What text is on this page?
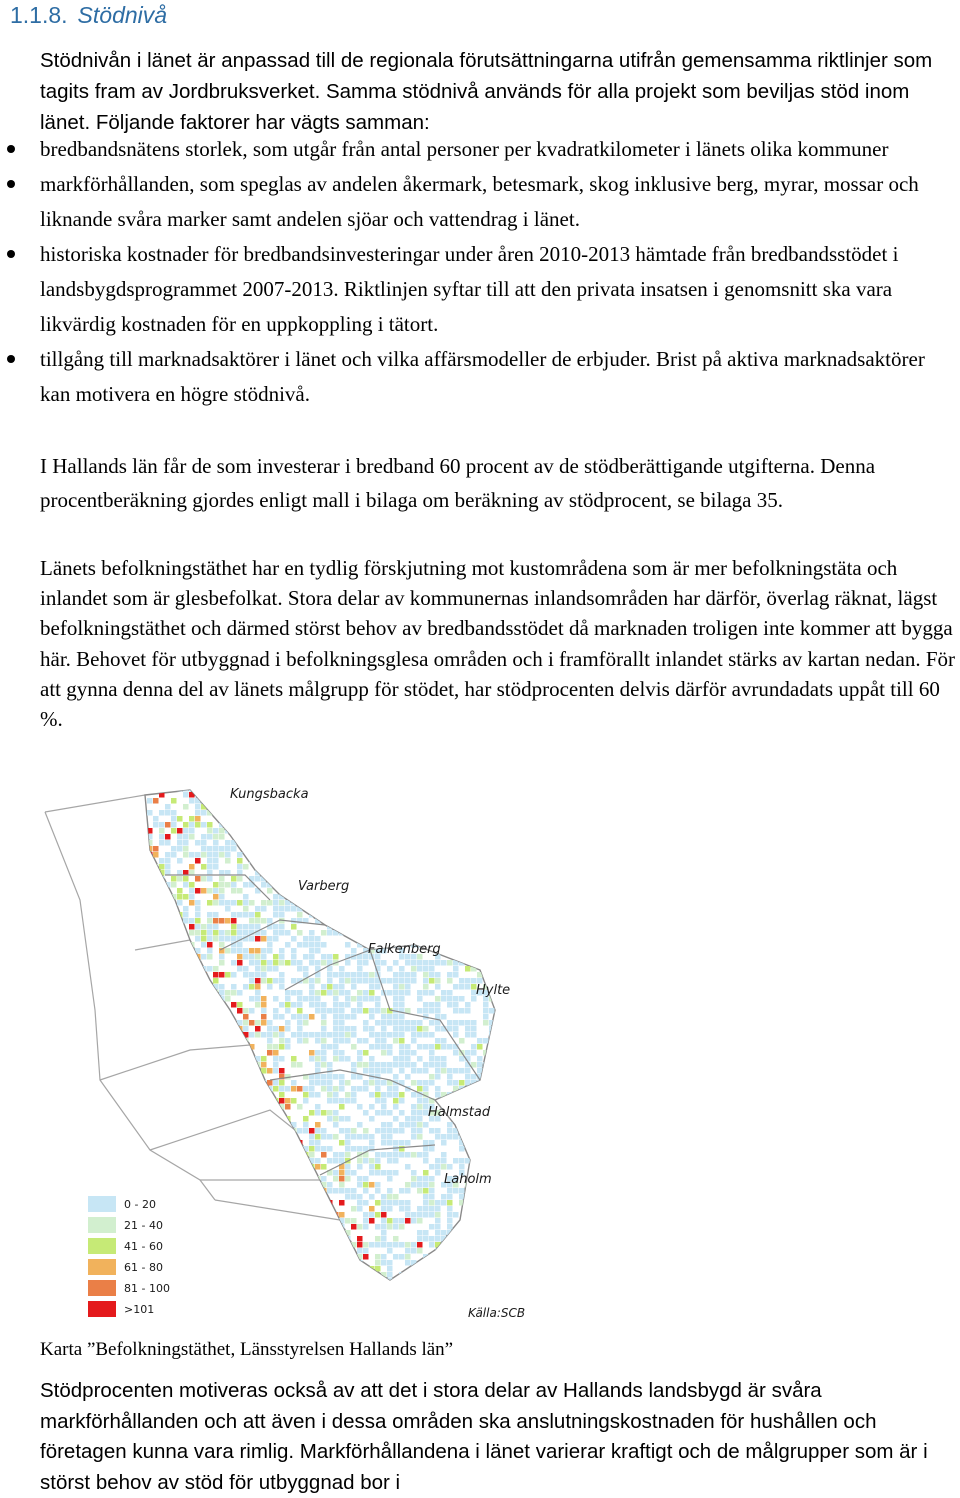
1.1.8. Stödnivå

Stödnivån i länet är anpassad till de regionala förutsättningarna utifrån gemensamma riktlinjer som tagits fram av Jordbruksverket. Samma stödnivå används för alla projekt som beviljas stöd inom länet. Följande faktorer har vägts samman:

bredbandsnätens storlek, som utgår från antal personer per kvadratkilometer i länets olika kommuner
markförhållanden, som speglas av andelen åkermark, betesmark, skog inklusive berg, myrar, mossar och liknande svåra marker samt andelen sjöar och vattendrag i länet.
historiska kostnader för bredbandsinvesteringar under åren 2010-2013 hämtade från bredbandsstödet i landsbygdsprogrammet 2007-2013. Riktlinjen syftar till att den privata insatsen i genomsnitt ska vara likvärdig kostnaden för en uppkoppling i tätort.
tillgång till marknadsaktörer i länet och vilka affärsmodeller de erbjuder. Brist på aktiva marknadsaktörer kan motivera en högre stödnivå.

I Hallands län får de som investerar i bredband 60 procent av de stödberättigande utgifterna. Denna procentberäkning gjordes enligt mall i bilaga om beräkning av stödprocent, se bilaga 35.

Länets befolkningstäthet har en tydlig förskjutning mot kustområdena som är mer befolkningstäta och inlandet som är glesbefolkat. Stora delar av kommunernas inlandsområden har därför, överlag räknat, lägst befolkningstäthet och därmed störst behov av bredbandsstödet då marknaden troligen inte kommer att bygga här. Behovet för utbyggnad i befolkningsglesa områden och i framförallt inlandet stärks av kartan nedan. För att gynna denna del av länets målgrupp för stödet, har stödprocenten delvis därför avrundadats uppåt till 60 %.

Kungsbacka
Varberg
Falkenberg
Hylte
Halmstad
Laholm
0 - 20
21 - 40
41 - 60
61 - 80
81 - 100
>101	Källa:SCB
Karta ”Befolkningstäthet, Länsstyrelsen Hallands län”

Stödprocenten motiveras också av att det i stora delar av Hallands landsbygd är svåra markförhållanden och att även i dessa områden ska anslutningskostnaden för hushållen och företagen kunna vara rimlig. Markförhållandena i länet varierar kraftigt och de målgrupper som är i störst behov av stöd för utbyggnad bor i
